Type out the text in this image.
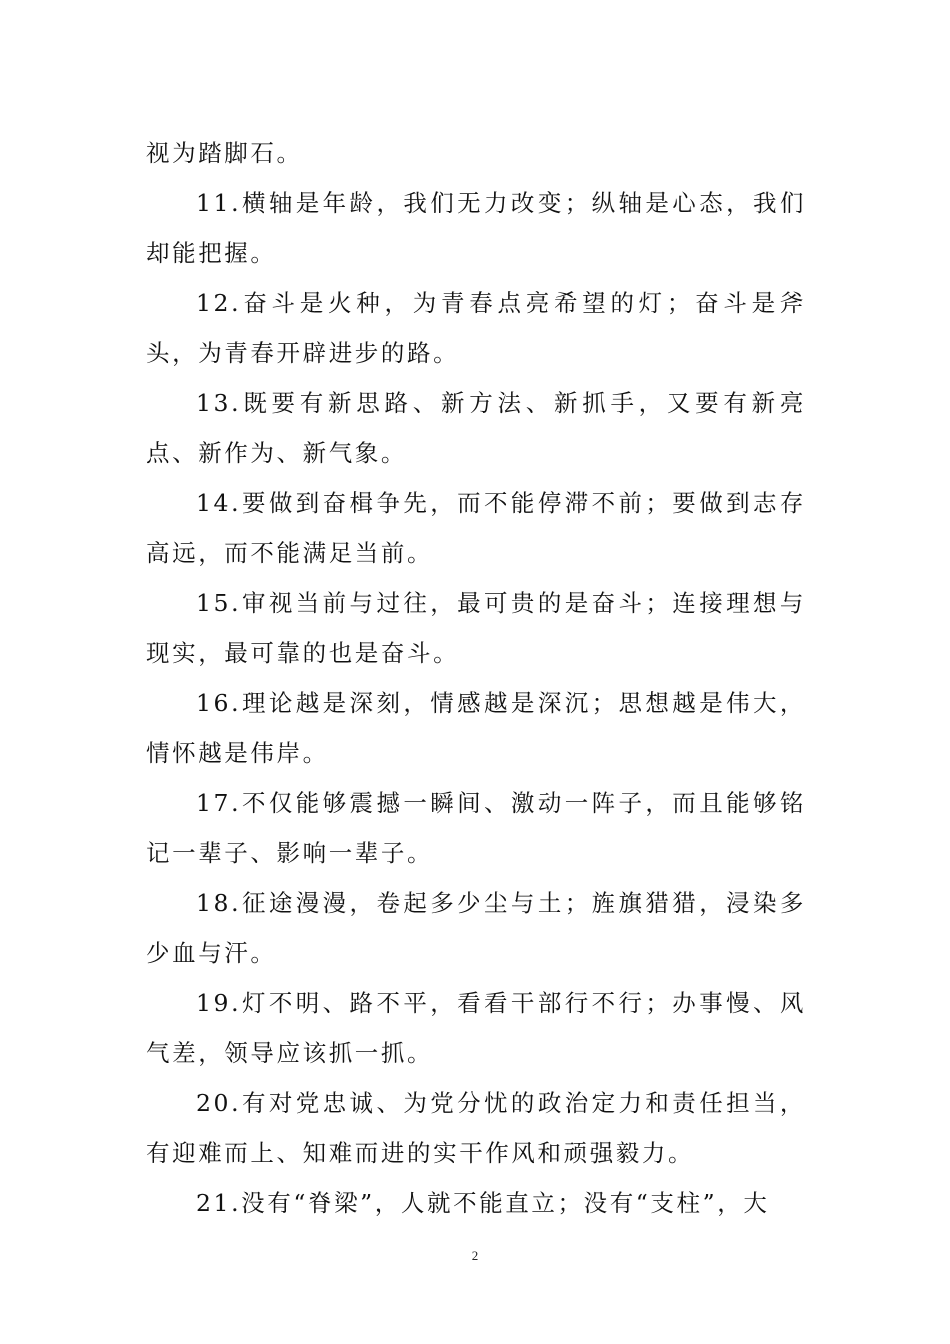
视为踏脚石。

11.横轴是年龄，我们无力改变；纵轴是心态，我们却能把握。

12.奋斗是火种，为青春点亮希望的灯；奋斗是斧头，为青春开辟进步的路。

13.既要有新思路、新方法、新抓手，又要有新亮点、新作为、新气象。

14.要做到奋楫争先，而不能停滞不前；要做到志存高远，而不能满足当前。

15.审视当前与过往，最可贵的是奋斗；连接理想与现实，最可靠的也是奋斗。

16.理论越是深刻，情感越是深沉；思想越是伟大，情怀越是伟岸。

17.不仅能够震撼一瞬间、激动一阵子，而且能够铭记一辈子、影响一辈子。

18.征途漫漫，卷起多少尘与土；旌旗猎猎，浸染多少血与汗。

19.灯不明、路不平，看看干部行不行；办事慢、风气差，领导应该抓一抓。

20.有对党忠诚、为党分忧的政治定力和责任担当，有迎难而上、知难而进的实干作风和顽强毅力。

21.没有“脊梁”，人就不能直立；没有“支柱”，大

2
